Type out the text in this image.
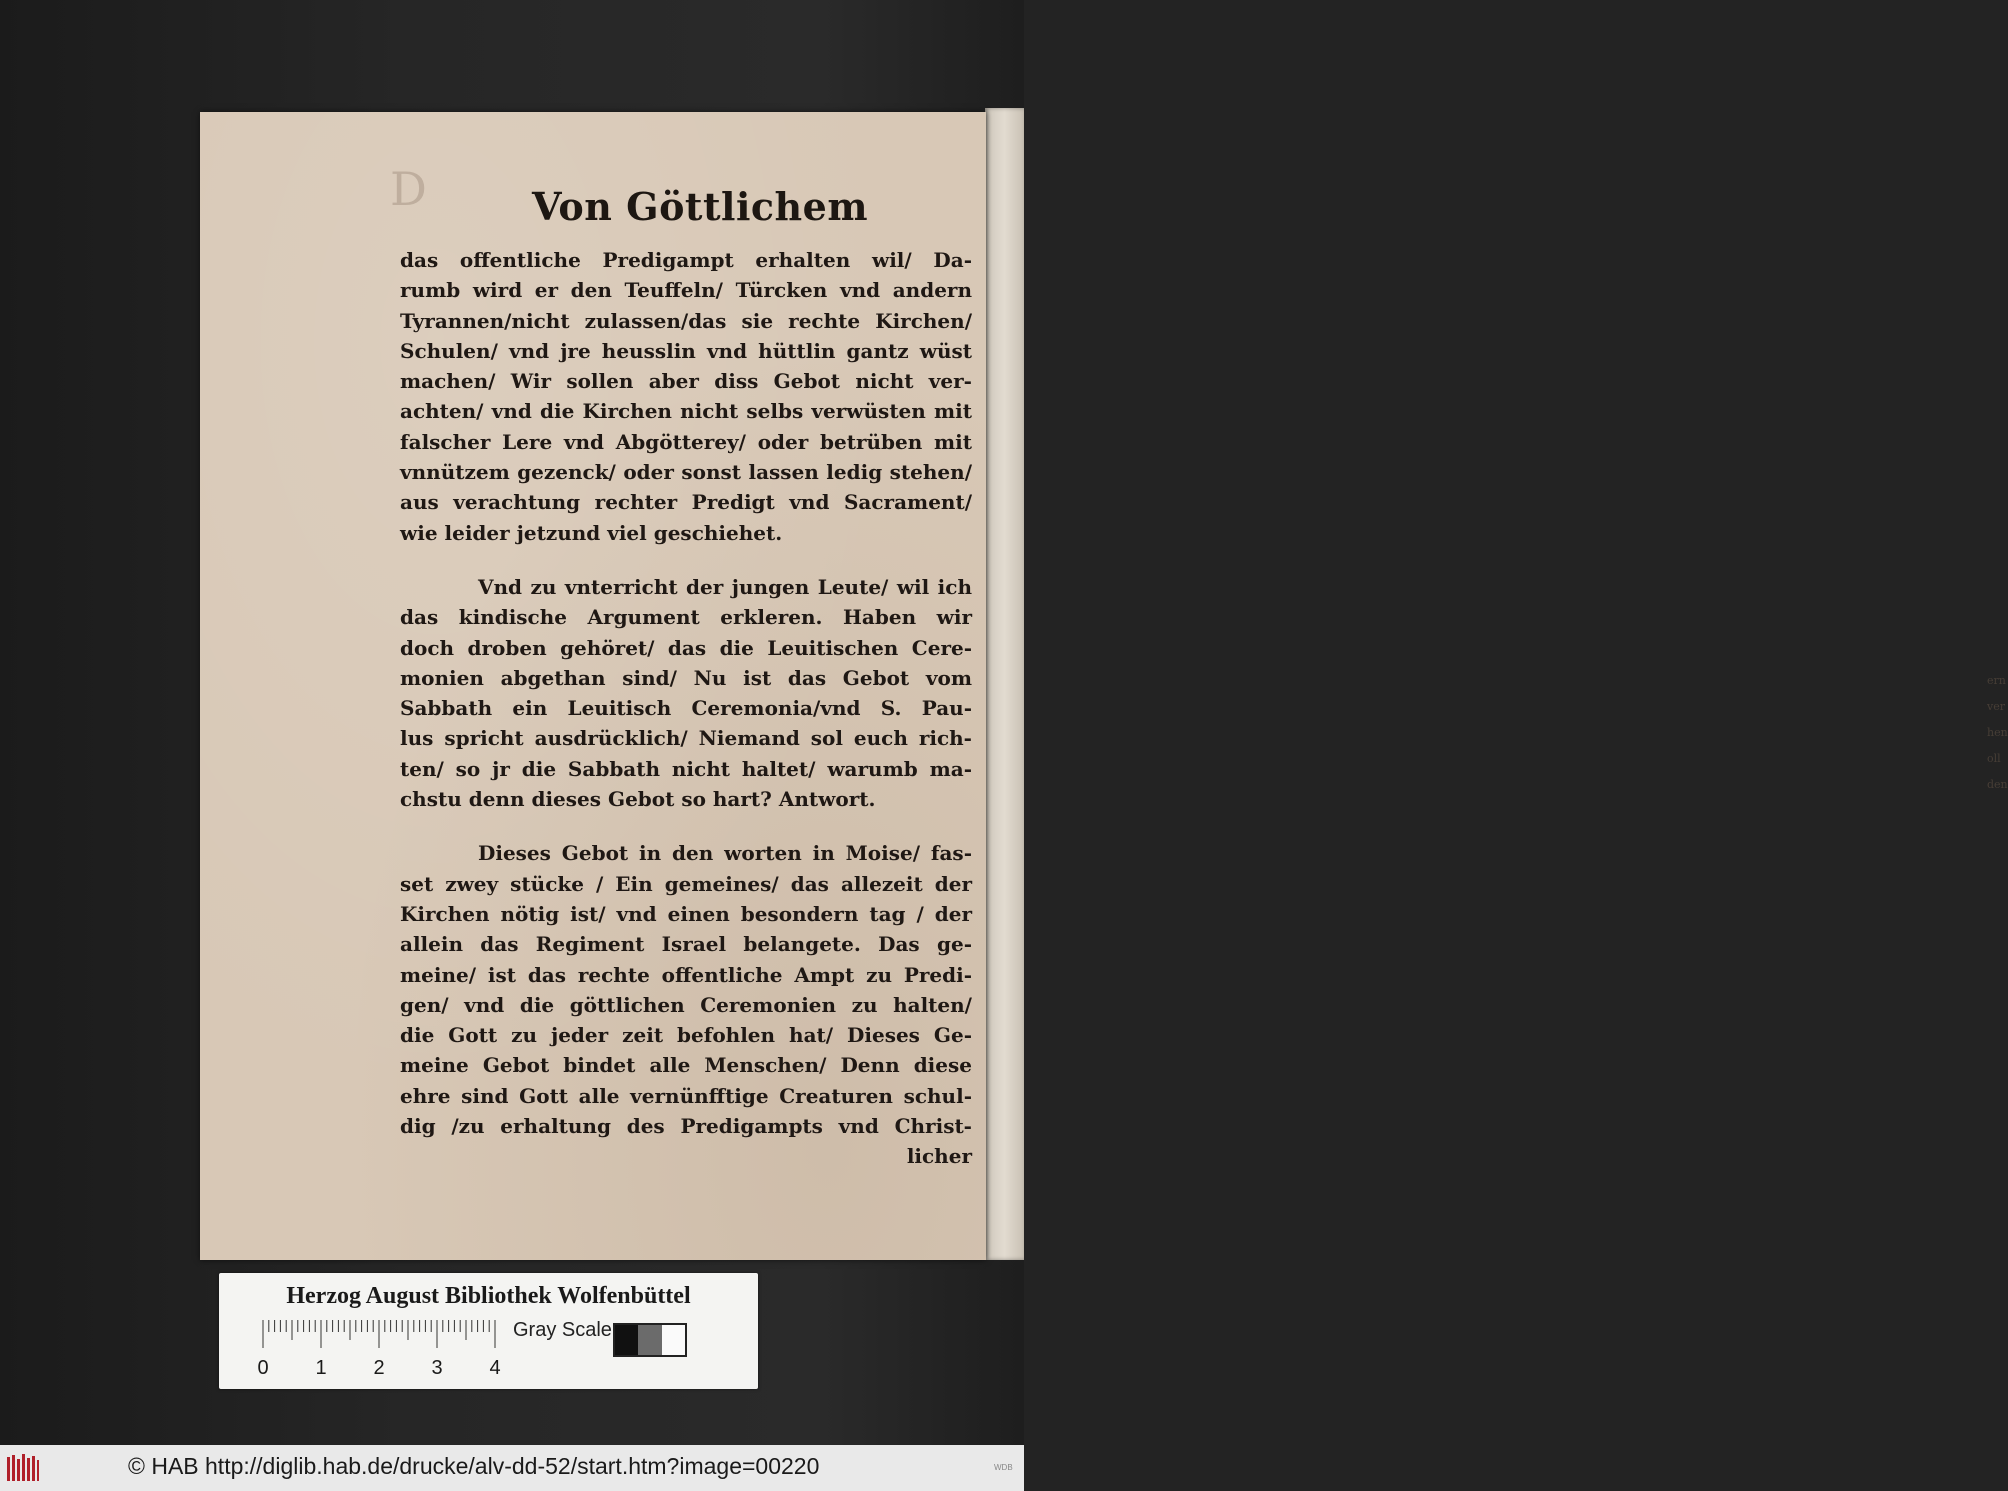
ern ver hen oll den
D	Von Göttlichem
das offentliche Predigampt erhalten wil/ Da-
rumb wird er den Teuffeln/ Türcken vnd andern
Tyrannen/nicht zulassen/das sie rechte Kirchen/
Schulen/ vnd jre heusslin vnd hüttlin gantz wüst
machen/ Wir sollen aber diss Gebot nicht ver-
achten/ vnd die Kirchen nicht selbs verwüsten mit
falscher Lere vnd Abgötterey/ oder betrüben mit
vnnützem gezenck/ oder sonst lassen ledig stehen/
aus verachtung rechter Predigt vnd Sacrament/
wie leider jetzund viel geschiehet.
Vnd zu vnterricht der jungen Leute/ wil ich
das kindische Argument erkleren. Haben wir
doch droben gehöret/ das die Leuitischen Cere-
monien abgethan sind/ Nu ist das Gebot vom
Sabbath ein Leuitisch Ceremonia/vnd S. Pau-
lus spricht ausdrücklich/ Niemand sol euch rich-
ten/ so jr die Sabbath nicht haltet/ warumb ma-
chstu denn dieses Gebot so hart? Antwort.
Dieses Gebot in den worten in Moise/ fas-
set zwey stücke / Ein gemeines/ das allezeit der
Kirchen nötig ist/ vnd einen besondern tag / der
allein das Regiment Israel belangete. Das ge-
meine/ ist das rechte offentliche Ampt zu Predi-
gen/ vnd die göttlichen Ceremonien zu halten/
die Gott zu jeder zeit befohlen hat/ Dieses Ge-
meine Gebot bindet alle Menschen/ Denn diese
ehre sind Gott alle vernünfftige Creaturen schul-
dig /zu erhaltung des Predigampts vnd Christ-
licher
Herzog August Bibliothek Wolfenbüttel
0 1 2 3 4
Gray Scale
© HAB http://diglib.hab.de/drucke/alv-dd-52/start.htm?image=00220	WDB
